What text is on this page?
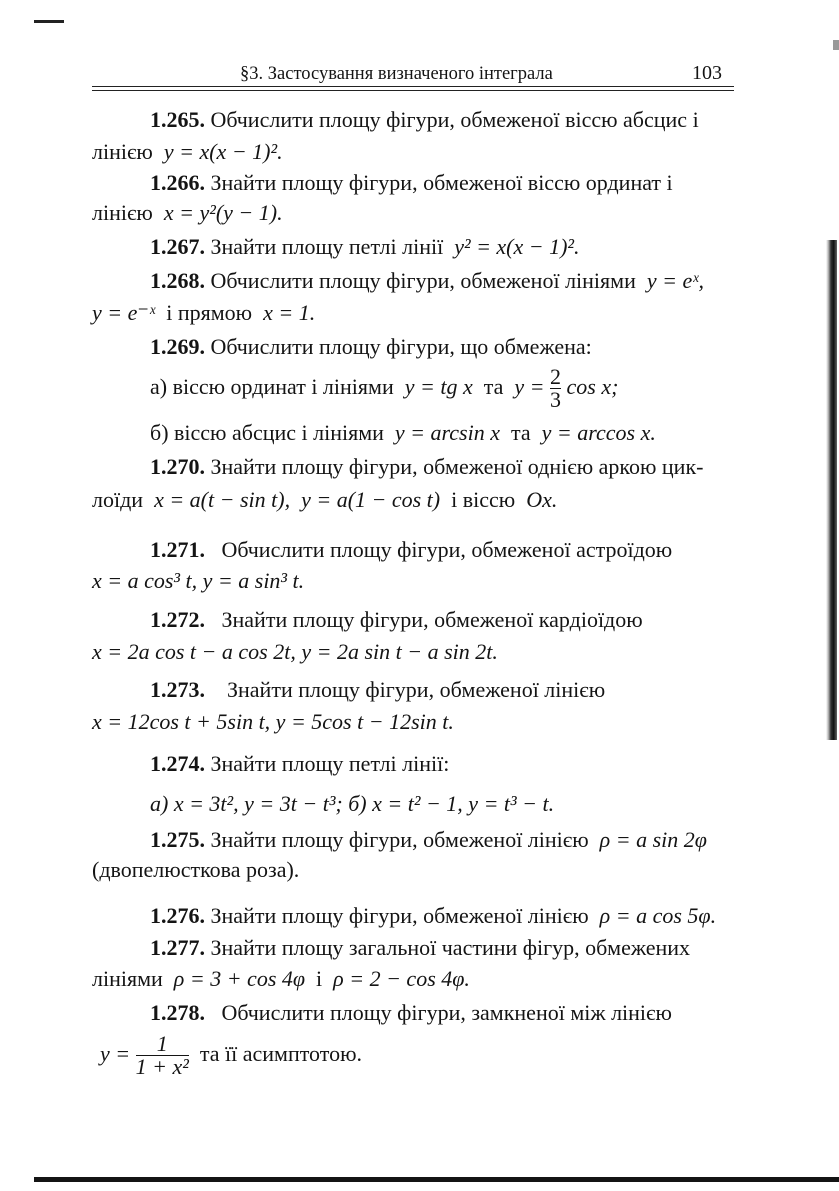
§3. Застосування визначеного інтеграла	103
1.265. Обчислити площу фігури, обмеженої віссю абсцис і
лінією y = x(x − 1)².
1.266. Знайти площу фігури, обмеженої віссю ординат і
лінією x = y²(y − 1).
1.267. Знайти площу петлі лінії y² = x(x − 1)².
1.268. Обчислити площу фігури, обмеженої лініями y = eˣ,
y = e⁻ˣ і прямою x = 1.
1.269. Обчислити площу фігури, що обмежена:
а) віссю ординат і лініями y = tg x та $y = \frac{2}{3}$ cos x;
б) віссю абсцис і лініями y = arcsin x та y = arccos x.
1.270. Знайти площу фігури, обмеженої однією аркою цик-
лоїди x = a(t − sin t), y = a(1 − cos t) і віссю Ox.
1.271. Обчислити площу фігури, обмеженої астроїдою
x = a cos³ t, y = a sin³ t.
1.272. Знайти площу фігури, обмеженої кардіоїдою
x = 2a cos t − a cos 2t, y = 2a sin t − a sin 2t.
1.273. Знайти площу фігури, обмеженої лінією
x = 12cos t + 5sin t, y = 5cos t − 12sin t.
1.274. Знайти площу петлі лінії:
а) x = 3t², y = 3t − t³; б) x = t² − 1, y = t³ − t.
1.275. Знайти площу фігури, обмеженої лінією ρ = a sin 2φ
(двопелюсткова роза).
1.276. Знайти площу фігури, обмеженої лінією ρ = a cos 5φ.
1.277. Знайти площу загальної частини фігур, обмежених
лініями ρ = 3 + cos 4φ і ρ = 2 − cos 4φ.
1.278. Обчислити площу фігури, замкненої між лінією
$y = \frac{1}{\text{1 + x²}}$ та її асимптотою.
